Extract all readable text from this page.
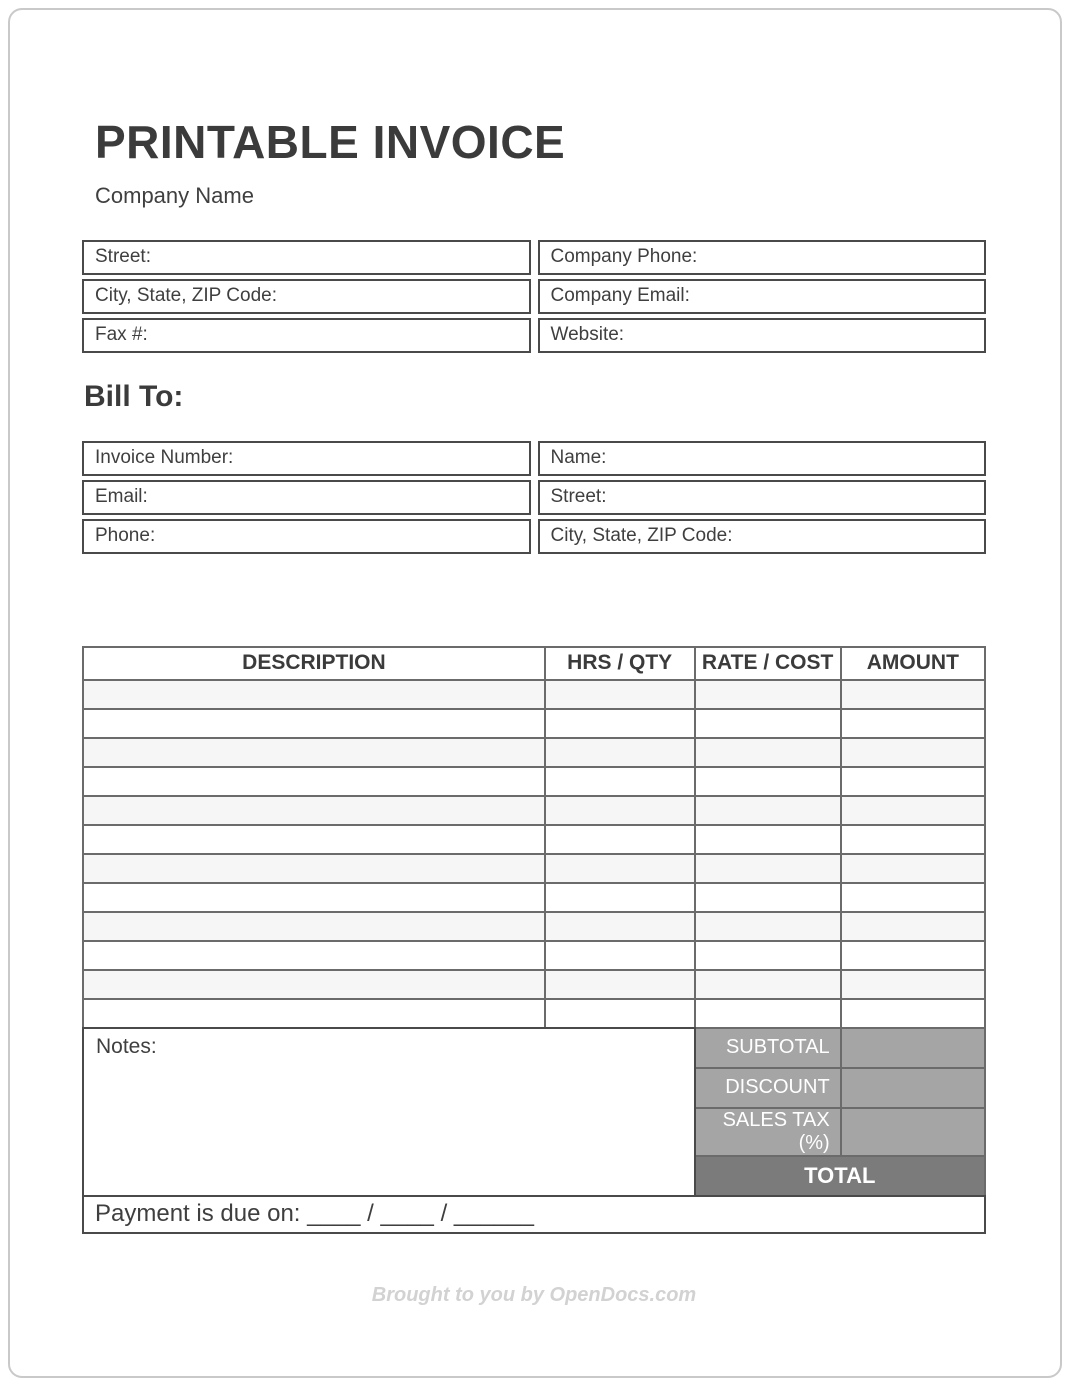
PRINTABLE INVOICE
Company Name
Street:	Company Phone:
City, State, ZIP Code:	Company Email:
Fax #:	Website:
Bill To:
Invoice Number:	Name:
Email:	Street:
Phone:	City, State, ZIP Code:
DESCRIPTION	HRS / QTY	RATE / COST	AMOUNT

Notes:	SUBTOTAL	
	DISCOUNT	
	SALES TAX (%)	
	TOTAL	
Payment is due on: ____ / ____ / ______
Brought to you by OpenDocs.com
